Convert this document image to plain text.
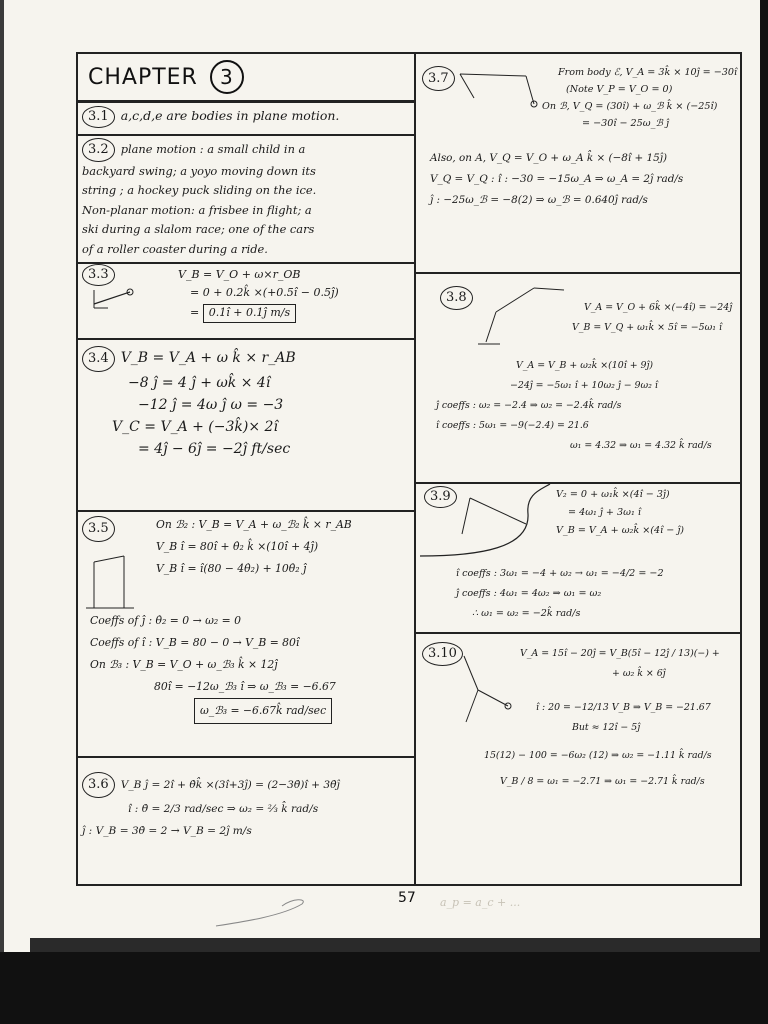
CHAPTER 3
3.1 a,c,d,e are bodies in plane motion.
3.2 plane motion : a small child in a
backyard swing; a yoyo moving down its
string ; a hockey puck sliding on the ice.
Non-planar motion: a frisbee in flight; a
ski during a slalom race; one of the cars
of a roller coaster during a ride.
3.3	V_B = V_O + ω×r_OB
= 0 + 0.2k̂ ×(+0.5î − 0.5ĵ)
= 0.1î + 0.1ĵ m/s
3.4 V_B = V_A + ω k̂ × r_AB
−8 ĵ = 4 ĵ + ωk̂ × 4î
−12 ĵ = 4ω ĵ ω = −3
V_C = V_A + (−3k̂)× 2î
= 4ĵ − 6ĵ = −2ĵ ft/sec
3.5	On ℬ₂ : V_B = V_A + ω_ℬ₂ k̂ × r_AB
V_B î = 80î + θ̇₂ k̂ ×(10î + 4ĵ)
V_B î = î(80 − 4θ̇₂) + 10θ̇₂ ĵ
Coeffs of ĵ : θ̇₂ = 0 → ω₂ = 0
Coeffs of î : V_B = 80 − 0 → V_B = 80î
On ℬ₃ : V_B = V_O + ω_ℬ₃ k̂ × 12ĵ
80î = −12ω_ℬ₃ î ⇒ ω_ℬ₃ = −6.67
ω_ℬ₃ = −6.67k̂ rad/sec
3.6 V_B ĵ = 2î + θ̇k̂ ×(3î+3ĵ) = (2−3θ̇)î + 3θ̇ĵ
î : θ̇ = 2/3 rad/sec ⇒ ω₂ = ⅔ k̂ rad/s
ĵ : V_B = 3θ̇ = 2 → V_B = 2ĵ m/s
3.7	From body ℰ, V_A = 3k̂ × 10ĵ = −30î
(Note V_P = V_O = 0)
On ℬ, V_Q = (30î) + ω_ℬ k̂ × (−25î)
= −30î − 25ω_ℬ ĵ
Also, on A, V_Q = V_O + ω_A k̂ × (−8î + 15ĵ)
V_Q = V_Q : î : −30 = −15ω_A ⇒ ω_A = 2ĵ rad/s
ĵ : −25ω_ℬ = −8(2) ⇒ ω_ℬ = 0.640ĵ rad/s
3.8
V_A = V_O + 6k̂ ×(−4î) = −24ĵ
V_B = V_Q + ω₁k̂ × 5î = −5ω₁ î
V_A = V_B + ω₂k̂ ×(10î + 9ĵ)
−24ĵ = −5ω₁ î + 10ω₂ ĵ − 9ω₂ î
ĵ coeffs : ω₂ = −2.4 ⇒ ω₂ = −2.4k̂ rad/s
î coeffs : 5ω₁ = −9(−2.4) = 21.6
ω₁ = 4.32 ⇒ ω₁ = 4.32 k̂ rad/s
3.9	V₂ = 0 + ω₁k̂ ×(4î − 3ĵ)
= 4ω₁ ĵ + 3ω₁ î
V_B = V_A + ω₂k̂ ×(4î − ĵ)
î coeffs : 3ω₁ = −4 + ω₂ → ω₁ = −4/2 = −2
ĵ coeffs : 4ω₁ = 4ω₂ ⇒ ω₁ = ω₂
∴ ω₁ = ω₂ = −2k̂ rad/s
3.10	V_A = 15î − 20ĵ = V_B(5î − 12ĵ / 13)(−) +
+ ω₂ k̂ × 6ĵ
î : 20 = −12/13 V_B ⇒ V_B = −21.67
But ≈ 12î − 5ĵ
15(12) − 100 = −6ω₂ (12) ⇒ ω₂ = −1.11 k̂ rad/s
V_B / 8 = ω₁ = −2.71 ⇒ ω₁ = −2.71 k̂ rad/s
57 a_p = a_c + ...
